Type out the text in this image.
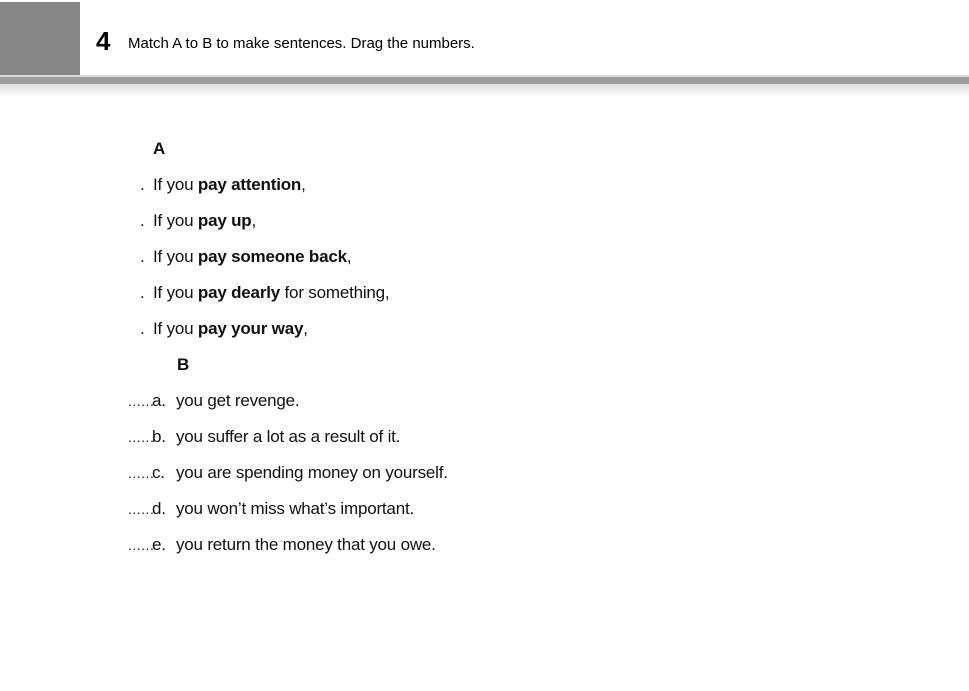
4 Match A to B to make sentences. Drag the numbers.
A
. If you pay attention,
. If you pay up,
. If you pay someone back,
. If you pay dearly for something,
. If you pay your way,
B
......
a. you get revenge.
......
b. you suffer a lot as a result of it.
......
c. you are spending money on yourself.
......
d. you won’t miss what’s important.
......
e. you return the money that you owe.
